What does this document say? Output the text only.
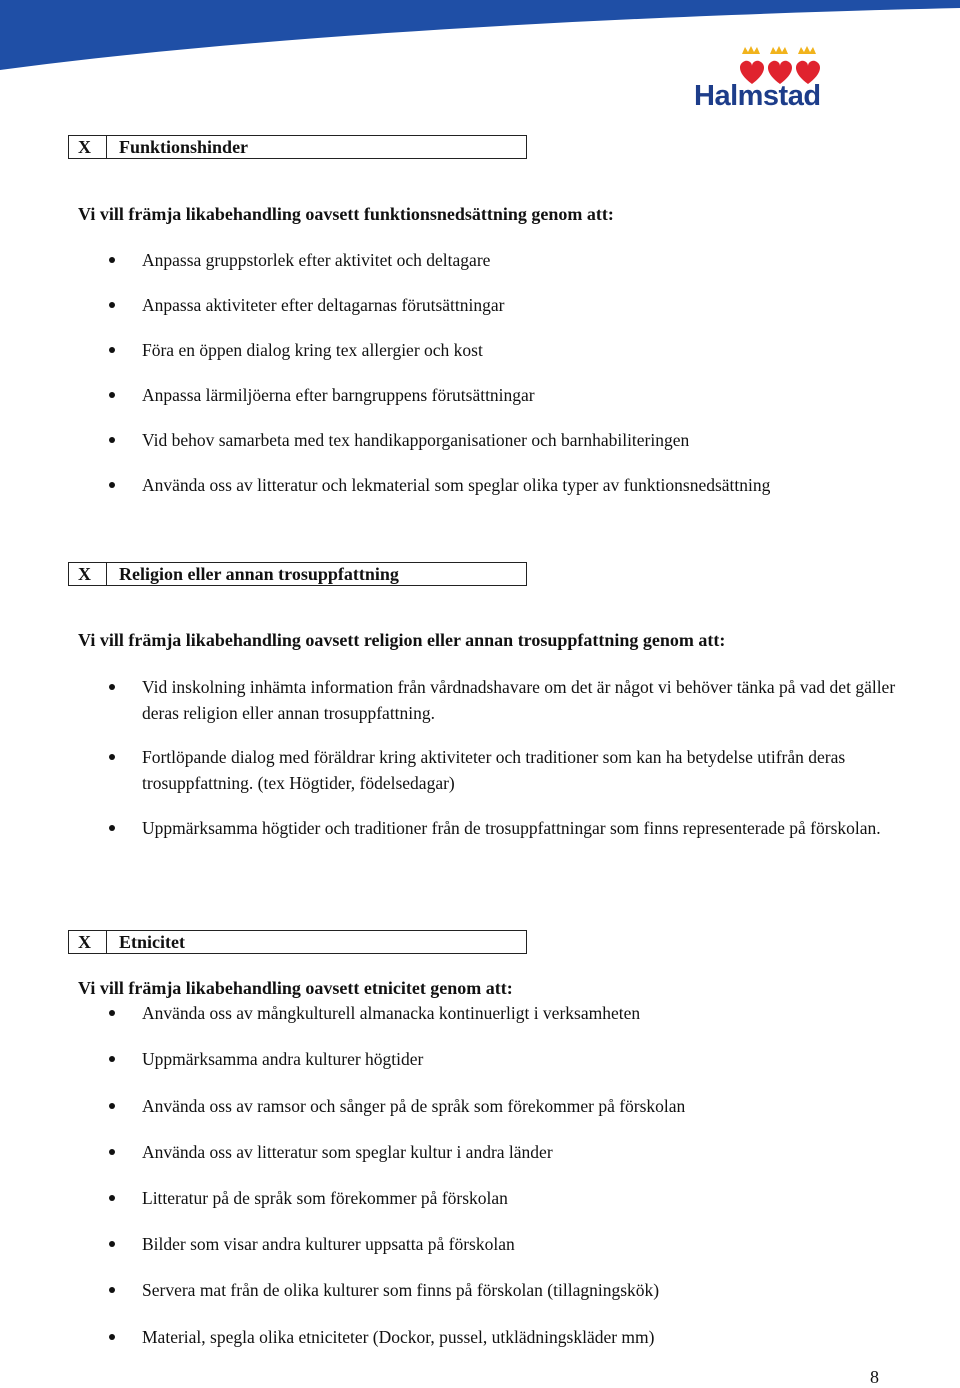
Halmstad
X	Funktionshinder
Vi vill främja likabehandling oavsett funktionsnedsättning genom att:
Anpassa gruppstorlek efter aktivitet och deltagare
Anpassa aktiviteter efter deltagarnas förutsättningar
Föra en öppen dialog kring tex allergier och kost
Anpassa lärmiljöerna efter barngruppens förutsättningar
Vid behov samarbeta med tex handikapporganisationer och barnhabiliteringen
Använda oss av litteratur och lekmaterial som speglar olika typer av funktionsnedsättning
X	Religion eller annan trosuppfattning
Vi vill främja likabehandling oavsett religion eller annan trosuppfattning genom att:
Vid inskolning inhämta information från vårdnadshavare om det är något vi behöver tänka på vad det gäller deras religion eller annan trosuppfattning.
Fortlöpande dialog med föräldrar kring aktiviteter och traditioner som kan ha betydelse utifrån deras trosuppfattning. (tex Högtider, födelsedagar)
Uppmärksamma högtider och traditioner från de trosuppfattningar som finns representerade på förskolan.
X	Etnicitet
Vi vill främja likabehandling oavsett etnicitet genom att:
Använda oss av mångkulturell almanacka kontinuerligt i verksamheten
Uppmärksamma andra kulturer högtider
Använda oss av ramsor och sånger på de språk som förekommer på förskolan
Använda oss av litteratur som speglar kultur i andra länder
Litteratur på de språk som förekommer på förskolan
Bilder som visar andra kulturer uppsatta på förskolan
Servera mat från de olika kulturer som finns på förskolan (tillagningskök)
Material, spegla olika etniciteter (Dockor, pussel, utklädningskläder mm)
8
